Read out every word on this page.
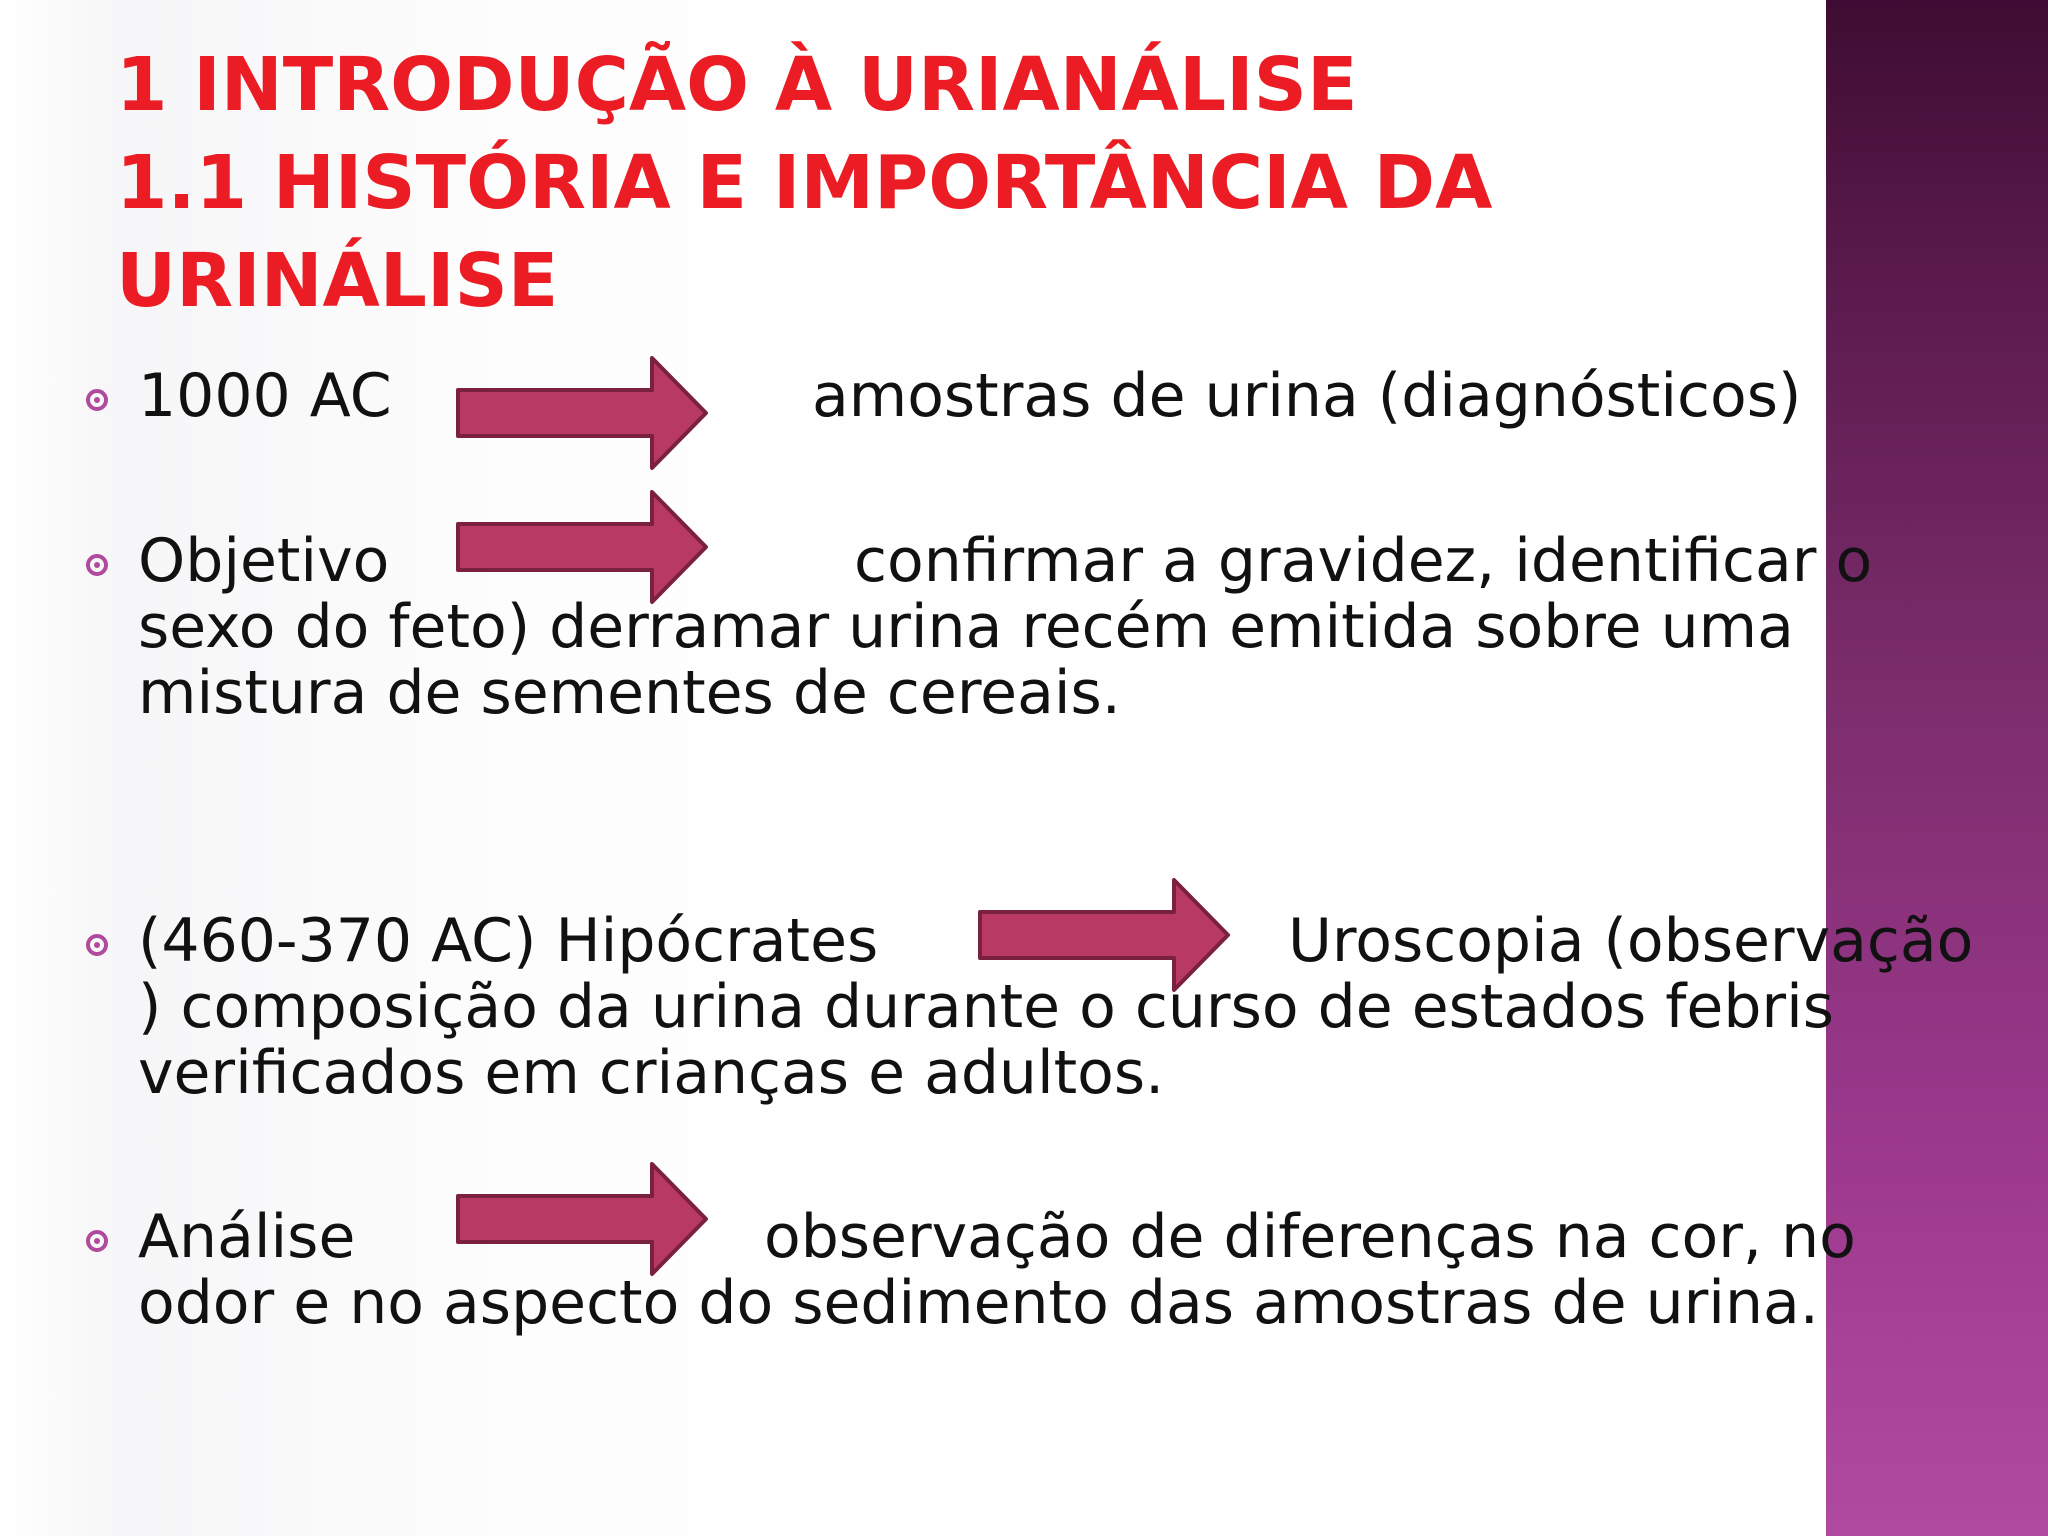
1 INTRODUÇÃO À URIANÁLISE
1.1 HISTÓRIA E IMPORTÂNCIA DA
URINÁLISE
1000 AC	amostras de urina (diagnósticos)
Objetivo	confirmar a gravidez, identificar o
sexo do feto) derramar urina recém emitida sobre uma
mistura de sementes de cereais.
(460-370 AC) Hipócrates	Uroscopia (observação
) composição da urina durante o curso de estados febris
verificados em crianças e adultos.
Análise	observação de diferenças na cor, no
odor e no aspecto do sedimento das amostras de urina.
